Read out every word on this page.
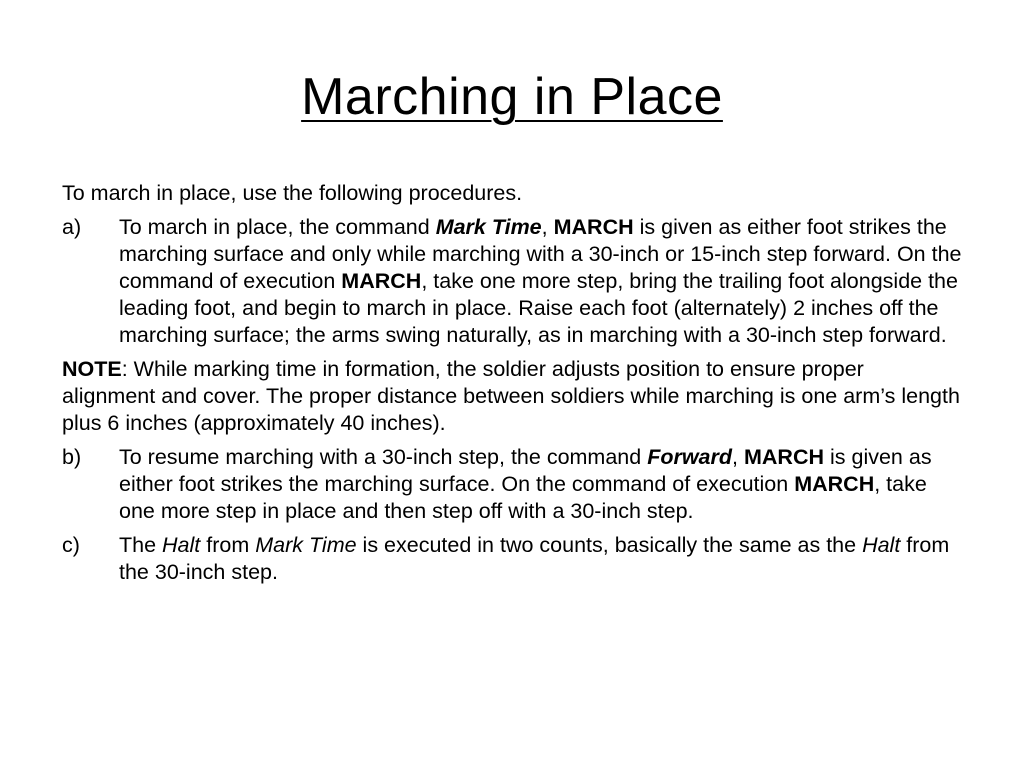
Marching in Place

To march in place, use the following procedures.

a)	To march in place, the command Mark Time, MARCH is given as either foot strikes the marching surface and only while marching with a 30-inch or 15-inch step forward. On the command of execution MARCH, take one more step, bring the trailing foot alongside the leading foot, and begin to march in place. Raise each foot (alternately) 2 inches off the marching surface; the arms swing naturally, as in marching with a 30-inch step forward.

NOTE: While marking time in formation, the soldier adjusts position to ensure proper alignment and cover. The proper distance between soldiers while marching is one arm’s length plus 6 inches (approximately 40 inches).

b)	To resume marching with a 30-inch step, the command Forward, MARCH is given as either foot strikes the marching surface. On the command of execution MARCH, take one more step in place and then step off with a 30-inch step.
c)	The Halt from Mark Time is executed in two counts, basically the same as the Halt from the 30-inch step.
